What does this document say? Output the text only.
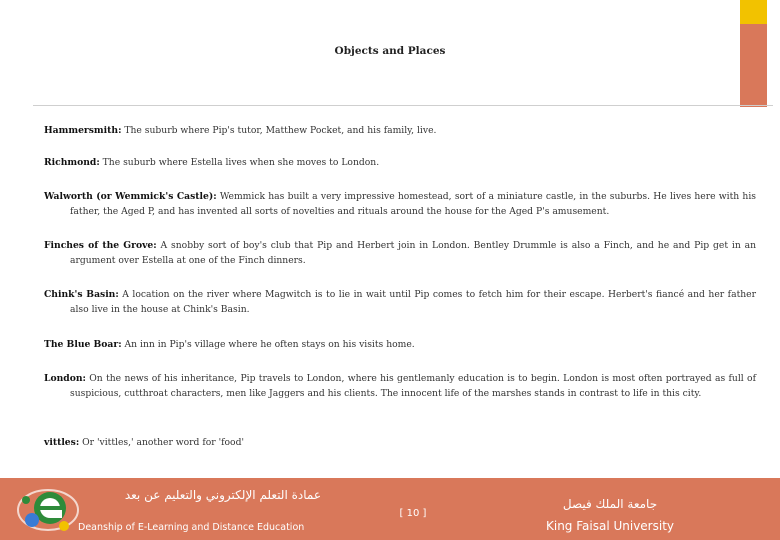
Objects and Places
Hammersmith: The suburb where Pip's tutor, Matthew Pocket, and his family, live.
Richmond: The suburb where Estella lives when she moves to London.
Walworth (or Wemmick's Castle): Wemmick has built a very impressive homestead, sort of a miniature castle, in the suburbs. He lives here with his father, the Aged P, and has invented all sorts of novelties and rituals around the house for the Aged P's amusement.
Finches of the Grove: A snobby sort of boy's club that Pip and Herbert join in London. Bentley Drummle is also a Finch, and he and Pip get in an argument over Estella at one of the Finch dinners.
Chink's Basin: A location on the river where Magwitch is to lie in wait until Pip comes to fetch him for their escape. Herbert's fiancé and her father also live in the house at Chink's Basin.
The Blue Boar: An inn in Pip's village where he often stays on his visits home.
London: On the news of his inheritance, Pip travels to London, where his gentlemanly education is to begin. London is most often portrayed as full of suspicious, cutthroat characters, men like Jaggers and his clients. The innocent life of the marshes stands in contrast to life in this city.
vittles: Or 'vittles,' another word for 'food'
عمادة التعلم الإلكتروني والتعليم عن بعد
Deanship of E-Learning and Distance Education
[ 10 ]
جامعة الملك فيصل
King Faisal University
